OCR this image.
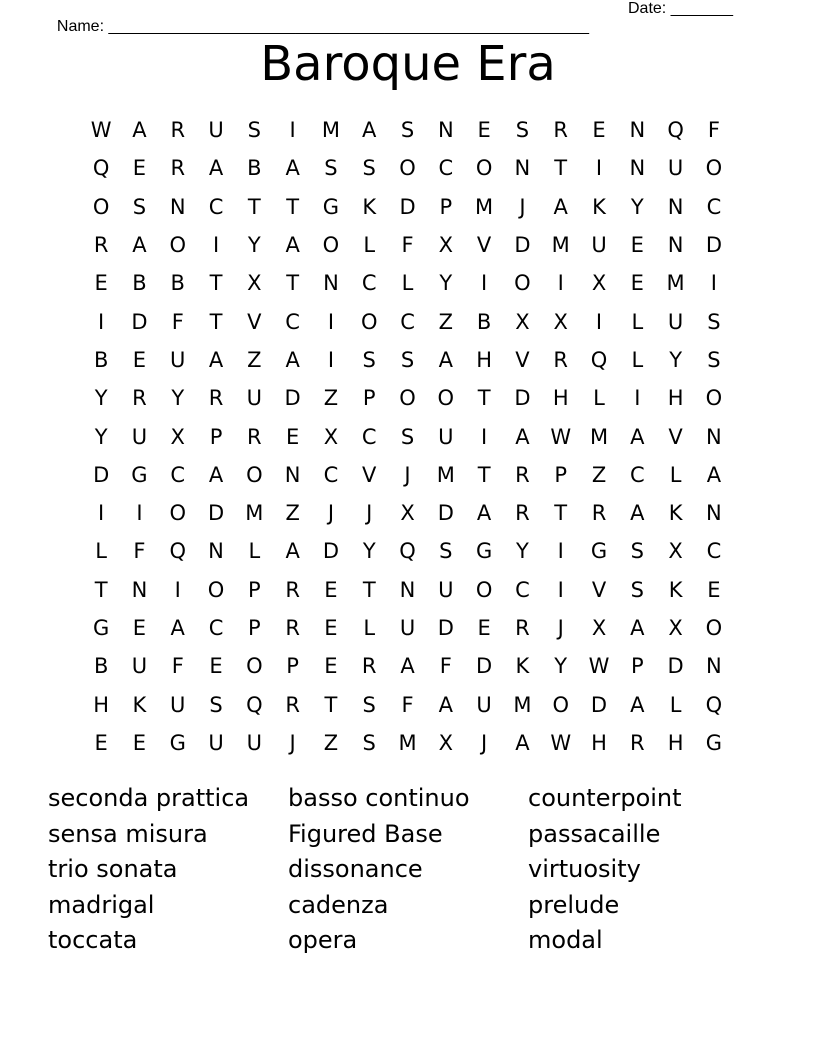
Name: ______________________________________________________

Date: _______

Baroque Era
W A	R	U	S	I	M	A	S	N	E	S	R	E	N	Q	F
Q	E	R	A	B	A	S	S	O	C	O	N	T	I	N	U	O
O	S	N	C	T	T	G	K	D	P	M	J	A	K	Y	N	C
R	A	O	I	Y	A	O	L	F	X	V	D	M	U	E	N	D
E	B	B	T	X	T	N	C	L	Y	I	O	I	X	E	M	I
I	D	F	T	V	C	I	O	C	Z	B	X	X	I	L	U	S
B	E	U	A	Z	A	I	S	S	A	H	V	R	Q	L	Y	S
Y	R	Y	R	U	D	Z	P	O	O	T	D	H	L	I	H	O
Y	U	X	P	R	E	X	C	S	U	I	A W M	A	V	N
D	G	C	A	O	N	C	V	J	M	T	R	P	Z	C	L	A
I	I	O	D	M	Z	J	J	X	D	A	R	T	R	A	K	N
L	F	Q	N	L	A	D	Y	Q	S	G	Y	I	G	S	X	C
T	N	I	O	P	R	E	T	N	U	O	C	I	V	S	K	E
G	E	A	C	P	R	E	L	U	D	E	R	J	X	A	X	O
B	U	F	E	O	P	E	R	A	F	D	K	Y	W	P	D	N
H	K	U	S	Q	R	T	S	F	A	U	M O	D	A	L	Q
E	E	G	U	U	J	Z	S	M	X	J	A W H	R	H	G
seconda prattica	basso continuo	counterpoint
sensa misura	Figured Base	passacaille
trio sonata	dissonance	virtuosity
madrigal	cadenza	prelude
toccata	opera	modal
